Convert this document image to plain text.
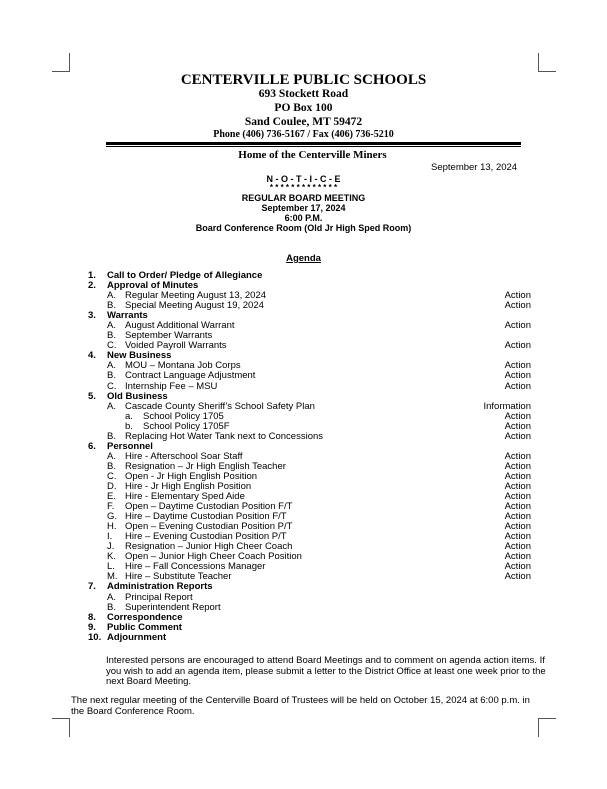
CENTERVILLE PUBLIC SCHOOLS
693 Stockett Road
PO Box 100
Sand Coulee, MT 59472
Phone (406) 736-5167 / Fax (406) 736-5210
Home of the Centerville Miners
September 13, 2024
N - O - T - I - C - E
* * * * * * * * * * * * *
REGULAR BOARD MEETING
September 17, 2024
6:00 P.M.
Board Conference Room (Old Jr High Sped Room)
Agenda
1. Call to Order/ Pledge of Allegiance
2. Approval of Minutes
A. Regular Meeting August 13, 2024	Action
B. Special Meeting August 19, 2024	Action
3. Warrants
A. August Additional Warrant	Action
B. September Warrants
C. Voided Payroll Warrants	Action
4. New Business
A. MOU – Montana Job Corps	Action
B. Contract Language Adjustment	Action
C. Internship Fee – MSU	Action
5. Old Business
A. Cascade County Sheriff’s School Safety Plan	Information
a. School Policy 1705	Action
b. School Policy 1705F	Action
B. Replacing Hot Water Tank next to Concessions	Action
6. Personnel
A. Hire - Afterschool Soar Staff	Action
B. Resignation – Jr High English Teacher	Action
C. Open - Jr High English Position	Action
D. Hire - Jr High English Position	Action
E. Hire - Elementary Sped Aide	Action
F. Open – Daytime Custodian Position F/T	Action
G. Hire – Daytime Custodian Position F/T	Action
H. Open – Evening Custodian Position P/T	Action
I. Hire – Evening Custodian Position P/T	Action
J. Resignation – Junior High Cheer Coach	Action
K. Open – Junior High Cheer Coach Position	Action
L. Hire – Fall Concessions Manager	Action
M. Hire – Substitute Teacher	Action
7. Administration Reports
A. Principal Report
B. Superintendent Report
8. Correspondence
9. Public Comment
10. Adjournment
Interested persons are encouraged to attend Board Meetings and to comment on agenda action items. If you wish to add an agenda item, please submit a letter to the District Office at least one week prior to the next Board Meeting.
The next regular meeting of the Centerville Board of Trustees will be held on October 15, 2024 at 6:00 p.m. in the Board Conference Room.
